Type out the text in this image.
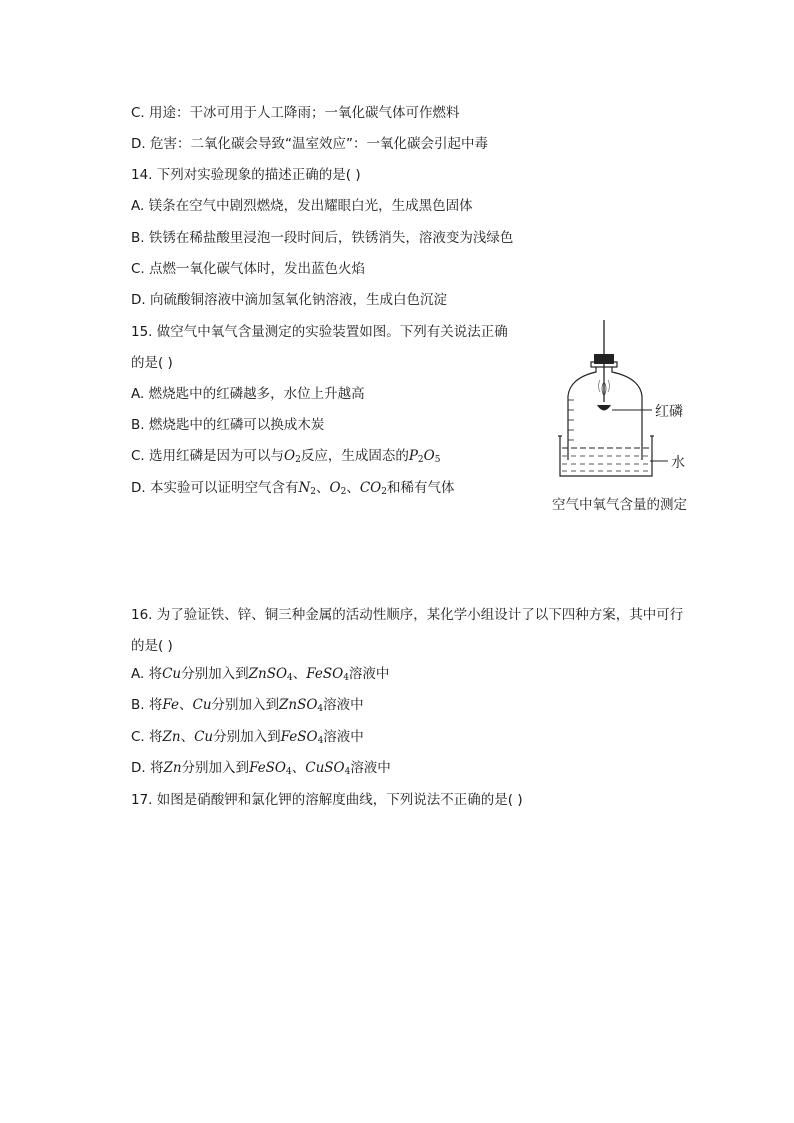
C. 用途：干冰可用于人工降雨；一氧化碳气体可作燃料
D. 危害：二氧化碳会导致“温室效应”：一氧化碳会引起中毒
14. 下列对实验现象的描述正确的是( )
A. 镁条在空气中剧烈燃烧，发出耀眼白光，生成黑色固体
B. 铁锈在稀盐酸里浸泡一段时间后，铁锈消失，溶液变为浅绿色
C. 点燃一氧化碳气体时，发出蓝色火焰
D. 向硫酸铜溶液中滴加氢氧化钠溶液，生成白色沉淀
15. 做空气中氧气含量测定的实验装置如图。下列有关说法正确
的是( )
A. 燃烧匙中的红磷越多，水位上升越高
B. 燃烧匙中的红磷可以换成木炭
C. 选用红磷是因为可以与$O_2$反应，生成固态的$P_2O_5$
D. 本实验可以证明空气含有$N_2$、$O_2$、$CO_2$和稀有气体
红磷
水
空气中氧气含量的测定
16. 为了验证铁、锌、铜三种金属的活动性顺序，某化学小组设计了以下四种方案，其中可行的是( )
A. 将Cu分别加入到ZnSO$_4$、FeSO$_4$溶液中
B. 将Fe、Cu分别加入到ZnSO$_4$溶液中
C. 将Zn、Cu分别加入到FeSO$_4$溶液中
D. 将Zn分别加入到FeSO$_4$、CuSO$_4$溶液中
17. 如图是硝酸钾和氯化钾的溶解度曲线，下列说法不正确的是( )
